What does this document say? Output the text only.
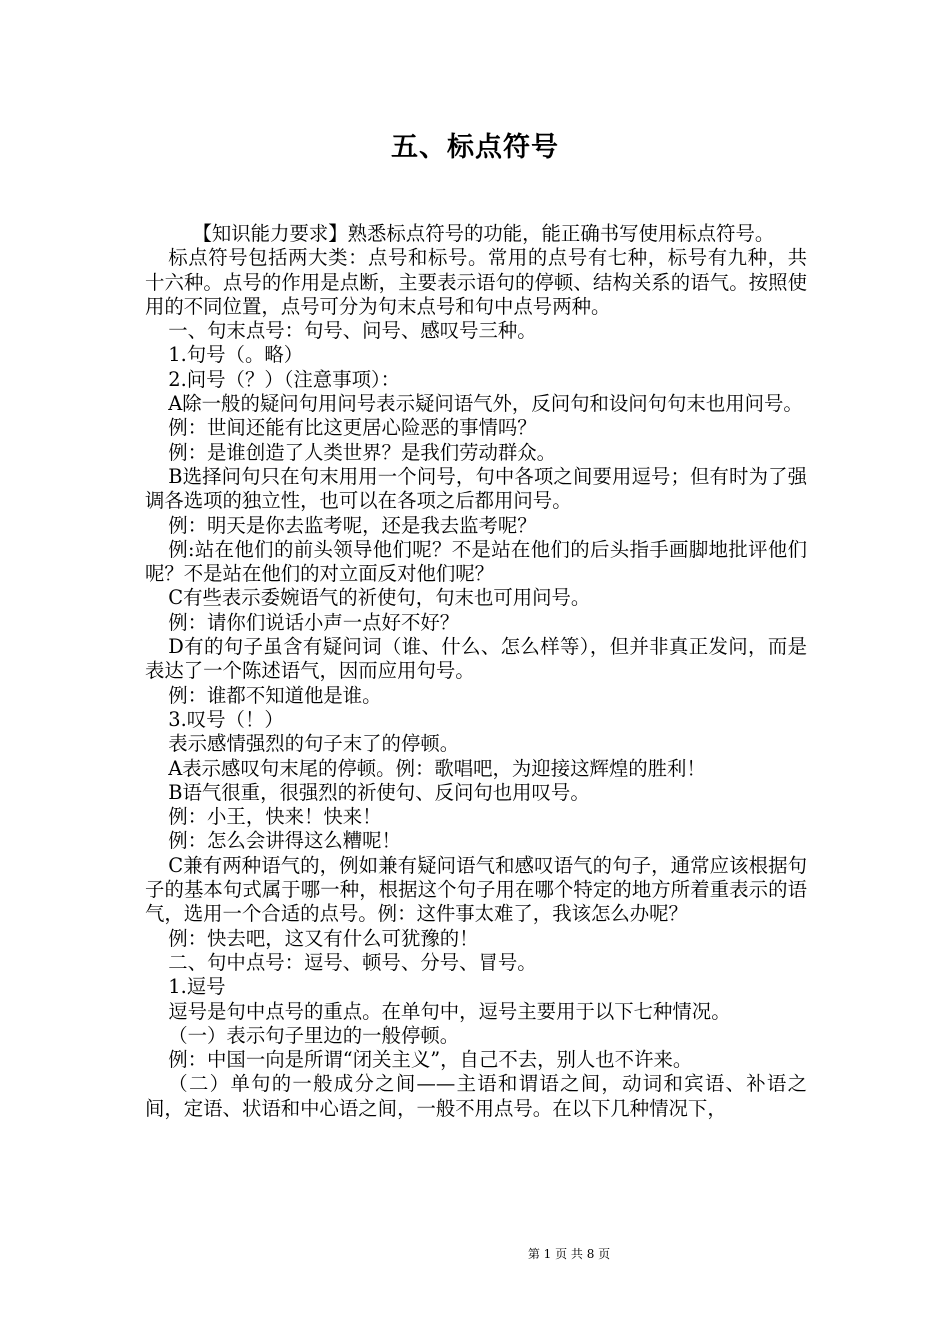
五、标点符号

【知识能力要求】熟悉标点符号的功能，能正确书写使用标点符号。

标点符号包括两大类：点号和标号。常用的点号有七种，标号有九种，共十六种。点号的作用是点断，主要表示语句的停顿、结构关系的语气。按照使用的不同位置，点号可分为句末点号和句中点号两种。

一、句末点号：句号、问号、感叹号三种。

1.句号（。略）

2.问号（？）（注意事项）：

A除一般的疑问句用问号表示疑问语气外，反问句和设问句句末也用问号。

例：世间还能有比这更居心险恶的事情吗？

例：是谁创造了人类世界？是我们劳动群众。

B选择问句只在句末用用一个问号，句中各项之间要用逗号；但有时为了强调各选项的独立性，也可以在各项之后都用问号。

例：明天是你去监考呢，还是我去监考呢？

例:站在他们的前头领导他们呢？不是站在他们的后头指手画脚地批评他们呢？不是站在他们的对立面反对他们呢？

C有些表示委婉语气的祈使句，句末也可用问号。

例：请你们说话小声一点好不好？

D有的句子虽含有疑问词（谁、什么、怎么样等），但并非真正发问，而是表达了一个陈述语气，因而应用句号。

例：谁都不知道他是谁。

3.叹号（！）

表示感情强烈的句子末了的停顿。

A表示感叹句末尾的停顿。例：歌唱吧，为迎接这辉煌的胜利！

B语气很重，很强烈的祈使句、反问句也用叹号。

例：小王，快来！快来！

例：怎么会讲得这么糟呢！

C兼有两种语气的，例如兼有疑问语气和感叹语气的句子，通常应该根据句子的基本句式属于哪一种，根据这个句子用在哪个特定的地方所着重表示的语气，选用一个合适的点号。例：这件事太难了，我该怎么办呢？

例：快去吧，这又有什么可犹豫的！

二、句中点号：逗号、顿号、分号、冒号。

1.逗号

逗号是句中点号的重点。在单句中，逗号主要用于以下七种情况。

（一）表示句子里边的一般停顿。

例：中国一向是所谓“闭关主义”，自己不去，别人也不许来。

（二）单句的一般成分之间——主语和谓语之间，动词和宾语、补语之间，定语、状语和中心语之间，一般不用点号。在以下几种情况下，

第 1 页 共 8 页
